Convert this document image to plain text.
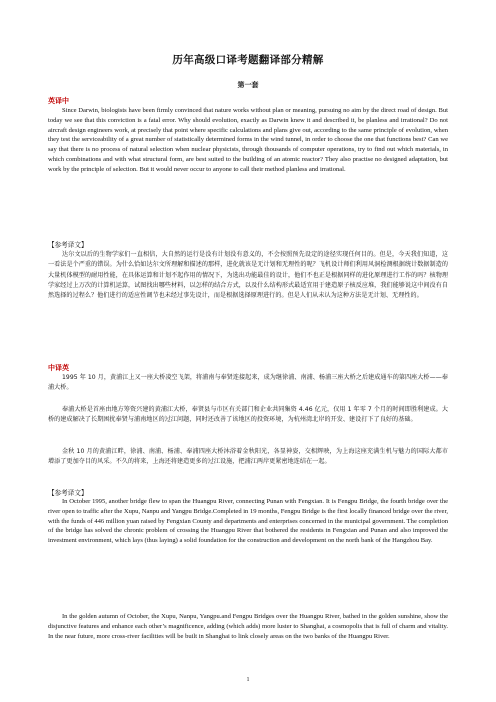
历年高级口译考题翻译部分精解
第一套
英译中

Since Darwin, biologists have been firmly convinced that nature works without plan or meaning, pursuing no aim by the direct road of design. But today we see that this conviction is a fatal error. Why should evolution, exactly as Darwin knew it and described it, be planless and irrational? Do not aircraft design engineers work, at precisely that point where specific calculations and plans give out, according to the same principle of evolution, when they test the serviceability of a great number of statistically determined forms in the wind tunnel, in order to choose the one that functions best? Can we say that there is no process of natural selection when nuclear physicists, through thousands of computer operations, try to find out which materials, in which combinations and with what structural form, are best suited to the building of an atomic reactor? They also practise no designed adaptation, but work by the principle of selection. But it would never occur to anyone to call their method planless and irrational.

【参考译文】

达尔文以后的生物学家们一直相信，大自然的运行是没有计划没有意义的，不会按照预先设定的途径实现任何目的。但是，今天我们知道，这一看法是个严重的错误。为什么恰如达尔文所理解和描述的那样，进化就该是无计划和无理性的呢？飞机设计师们利用风洞检测根据统计数据制造的大量机体模型的耐用性能，在具体运算和计划不起作用的情况下，为选出功能最佳的设计，他们不也正是根据同样的进化原理进行工作的吗？核物理学家经过上万次的计算机运算，试图找出哪些材料，以怎样的结合方式，以及什么结构形式最适宜用于建造原子核反应堆，我们能够说这中间没有自然选择的过程么？他们进行的适应性调节也未经过事先设计，而是根据选择原理进行的。但是人们从未认为这种方法是无计划、无理性的。

中译英

1995 年 10 月，黄浦江上又一座大桥凌空飞架，将浦南与奉贤连接起来，成为继徐浦、南浦、杨浦三座大桥之后建成通车的第四座大桥——奉浦大桥。

奉浦大桥是首座由地方筹资兴建的黄浦江大桥，奉贤县与市区有关部门和企业共同集资 4.46 亿元，仅用 1 年零 7 个月的时间即胜利建成。大桥的建成解决了长期困扰奉贤与浦南地区的过江问题，同时还改善了该地区的投资环境，为杭州湾北岸的开发、建设打下了良好的基础。

金秋 10 月的黄浦江畔，徐浦、南浦、杨浦、奉浦四座大桥沐浴着金秋阳光，各显神姿，交相辉映，为上海这座充满生机与魅力的国际大都市增添了更加夺目的风采。不久的将来，上海还将建造更多的过江设施，把浦江两岸更紧密地连结在一起。

【参考译文】

In October 1995, another bridge flew to span the Huangpu River, connecting Punan with Fengxian. It is Fengpu Bridge, the fourth bridge over the river open to traffic after the Xupu, Nanpu and Yangpu Bridge.Completed in 19 months, Fengpu Bridge is the first locally financed bridge over the river, with the funds of 446 million yuan raised by Fengxian County and departments and enterprises concerned in the municipal government. The completion of the bridge has solved the chronic problem of crossing the Huangpu River that bothered the residents in Fengxian and Punan and also improved the investment environment, which lays (thus laying) a solid foundation for the construction and development on the north bank of the Hangzhou Bay.

In the golden autumn of October, the Xupu, Nanpu, Yangpu.and Fengpu Bridges over the Huangpu River, bathed in the golden sunshine, show the disjunctive features and enhance each other’s magnificence, adding (which adds) more luster to Shanghai, a cosmopolis that is full of charm and vitality. In the near future, more cross-river facilities will be built in Shanghai to link closely areas on the two banks of the Huangpu River.

1
